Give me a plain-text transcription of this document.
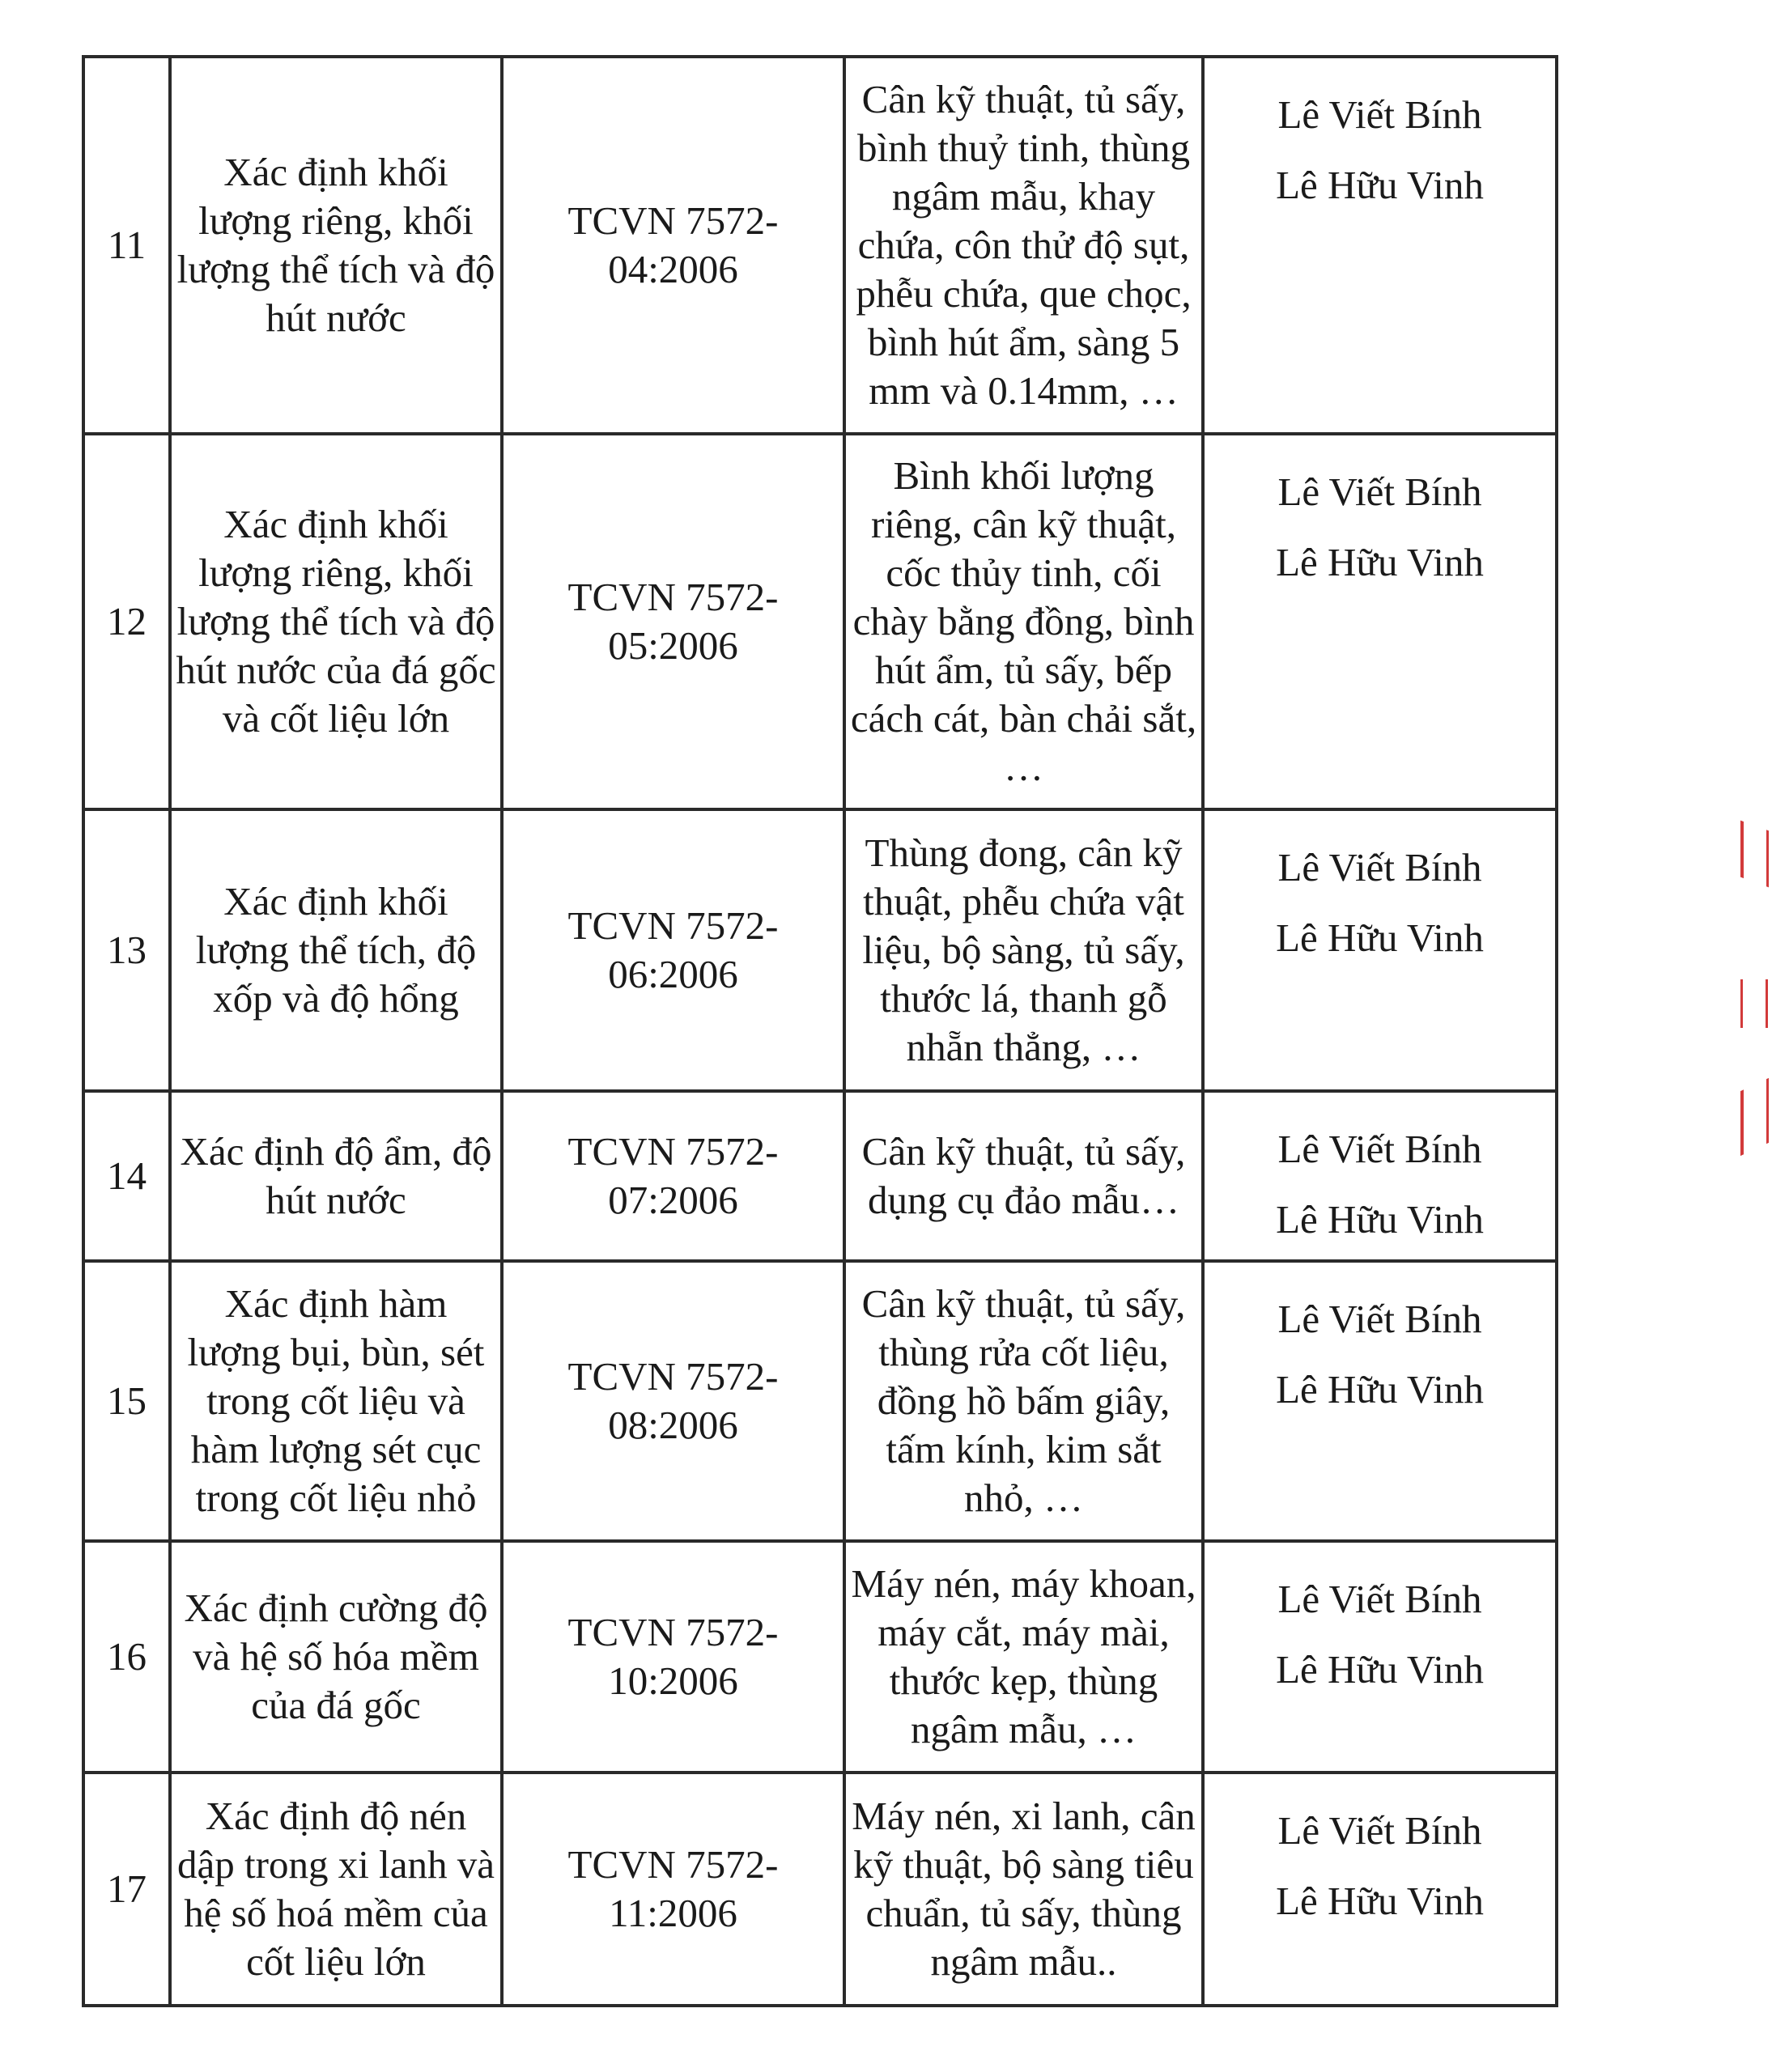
11	Xác định khối lượng riêng, khối lượng thể tích và độ hút nước	TCVN 7572-04:2006	Cân kỹ thuật, tủ sấy, bình thuỷ tinh, thùng ngâm mẫu, khay chứa, côn thử độ sụt, phễu chứa, que chọc, bình hút ẩm, sàng 5 mm và 0.14mm, …	Lê Viết Bính
Lê Hữu Vinh

12	Xác định khối lượng riêng, khối lượng thể tích và độ hút nước của đá gốc và cốt liệu lớn	TCVN 7572-05:2006	Bình khối lượng riêng, cân kỹ thuật, cốc thủy tinh, cối chày bằng đồng, bình hút ẩm, tủ sấy, bếp cách cát, bàn chải sắt, …	Lê Viết Bính
Lê Hữu Vinh

13	Xác định khối lượng thể tích, độ xốp và độ hổng	TCVN 7572-06:2006	Thùng đong, cân kỹ thuật, phễu chứa vật liệu, bộ sàng, tủ sấy, thước lá, thanh gỗ nhẵn thẳng, …	Lê Viết Bính
Lê Hữu Vinh

14	Xác định độ ẩm, độ hút nước	TCVN 7572-07:2006	Cân kỹ thuật, tủ sấy, dụng cụ đảo mẫu…	Lê Viết Bính
Lê Hữu Vinh

15	Xác định hàm lượng bụi, bùn, sét trong cốt liệu và hàm lượng sét cục trong cốt liệu nhỏ	TCVN 7572-08:2006	Cân kỹ thuật, tủ sấy, thùng rửa cốt liệu, đồng hồ bấm giây, tấm kính, kim sắt nhỏ, …	Lê Viết Bính
Lê Hữu Vinh

16	Xác định cường độ và hệ số hóa mềm của đá gốc	TCVN 7572-10:2006	Máy nén, máy khoan, máy cắt, máy mài, thước kẹp, thùng ngâm mẫu, …	Lê Viết Bính
Lê Hữu Vinh

17	Xác định độ nén dập trong xi lanh và hệ số hoá mềm của cốt liệu lớn	TCVN 7572-11:2006	Máy nén, xi lanh, cân kỹ thuật, bộ sàng tiêu chuẩn, tủ sấy, thùng ngâm mẫu..	Lê Viết Bính
Lê Hữu Vinh
